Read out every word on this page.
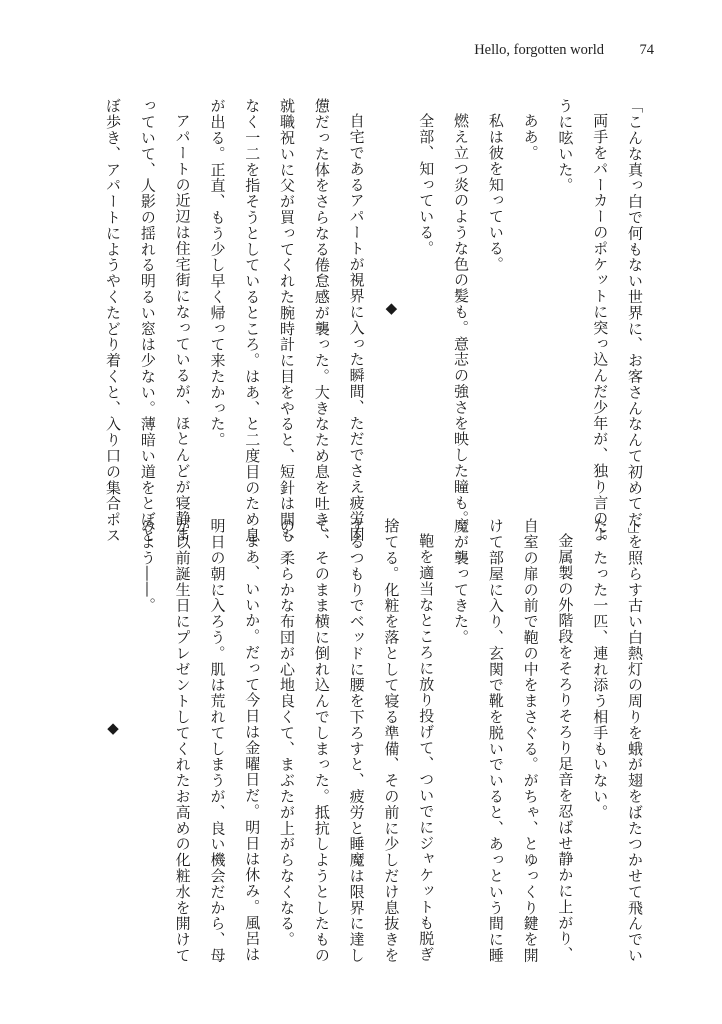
Hello, forgotten world 74

「こんな真っ白で何もない世界に、お客さんなんて初めてだ」

両手をパーカーのポケットに突っ込んだ少年が、独り言のよ

うに呟いた。

ああ。

私は彼を知っている。

燃え立つ炎のような色の髪も。意志の強さを映した瞳も。

全部、知っている。

◆

自宅であるアパートが視界に入った瞬間、ただでさえ疲労困

憊だった体をさらなる倦怠感が襲った。大きなため息を吐き、

就職祝いに父が買ってくれた腕時計に目をやると、短針は間も

なく一二を指そうとしているところ。はあ、と二度目のため息

が出る。正直、もう少し早く帰って来たかった。

アパートの近辺は住宅街になっているが、ほとんどが寝静ま

っていて、人影の揺れる明るい窓は少ない。薄暗い道をとぼと

ぼ歩き、アパートにようやくたどり着くと、入り口の集合ポス

トを照らす古い白熱灯の周りを蛾が翅をばたつかせて飛んでい

た。たった一匹、連れ添う相手もいない。

金属製の外階段をそろりそろり足音を忍ばせ静かに上がり、

自室の扉の前で鞄の中をまさぐる。がちゃ、とゆっくり鍵を開

けて部屋に入り、玄関で靴を脱いでいると、あっという間に睡

魔が襲ってきた。

鞄を適当なところに放り投げて、ついでにジャケットも脱ぎ

捨てる。化粧を落として寝る準備、その前に少しだけ息抜きを

するつもりでベッドに腰を下ろすと、疲労と睡魔は限界に達し

て、そのまま横に倒れ込んでしまった。抵抗しようとしたもの

の、柔らかな布団が心地良くて、まぶたが上がらなくなる。

まあ、いいか。だって今日は金曜日だ。明日は休み。風呂は

明日の朝に入ろう。肌は荒れてしまうが、良い機会だから、母

が以前誕生日にプレゼントしてくれたお高めの化粧水を開けて

みよう――。

◆
